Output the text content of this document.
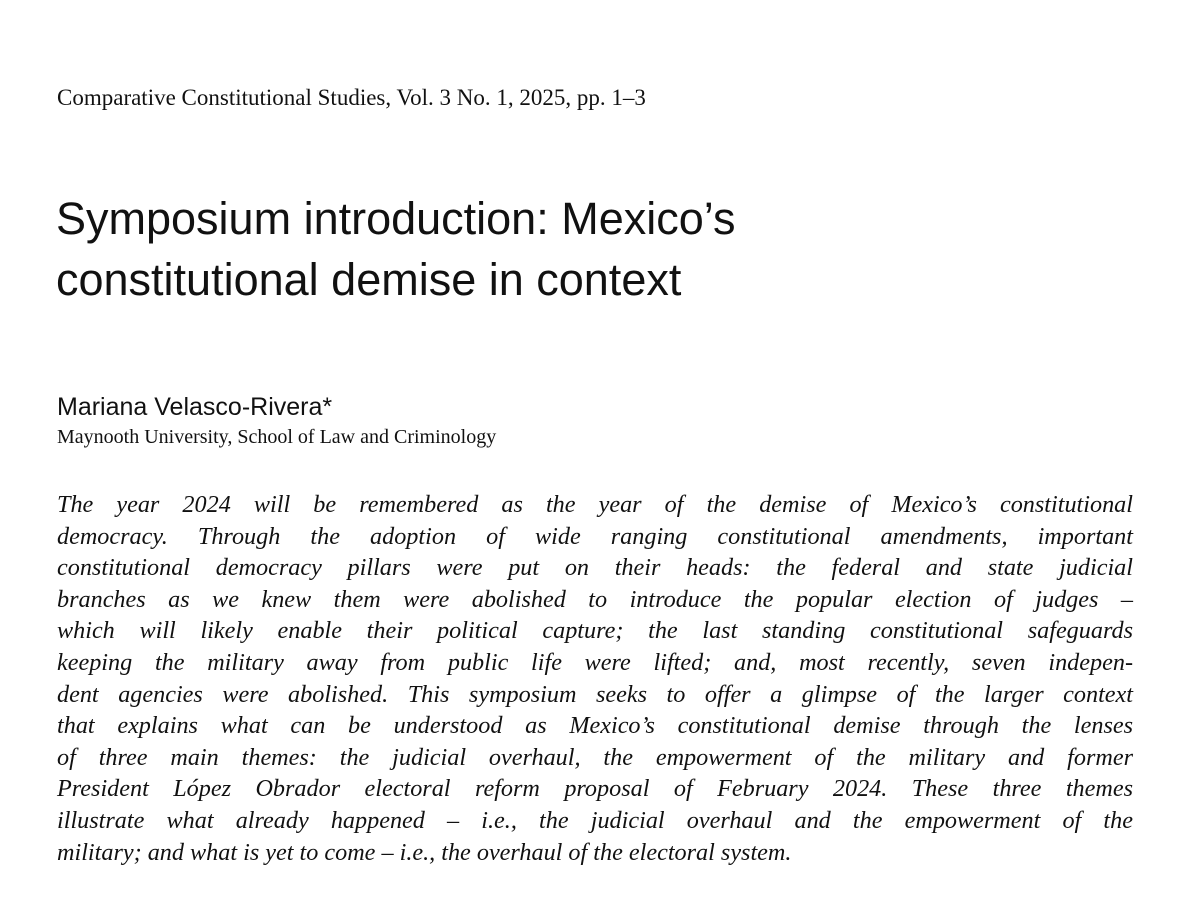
Comparative Constitutional Studies, Vol. 3 No. 1, 2025, pp. 1–3
Symposium introduction: Mexico’s
constitutional demise in context
Mariana Velasco-Rivera*
Maynooth University, School of Law and Criminology
The year 2024 will be remembered as the year of the demise of Mexico’s constitutional
democracy. Through the adoption of wide ranging constitutional amendments, important
constitutional democracy pillars were put on their heads: the federal and state judicial
branches as we knew them were abolished to introduce the popular election of judges –
which will likely enable their political capture; the last standing constitutional safeguards
keeping the military away from public life were lifted; and, most recently, seven indepen-
dent agencies were abolished. This symposium seeks to offer a glimpse of the larger context
that explains what can be understood as Mexico’s constitutional demise through the lenses
of three main themes: the judicial overhaul, the empowerment of the military and former
President López Obrador electoral reform proposal of February 2024. These three themes
illustrate what already happened – i.e., the judicial overhaul and the empowerment of the
military; and what is yet to come – i.e., the overhaul of the electoral system.
